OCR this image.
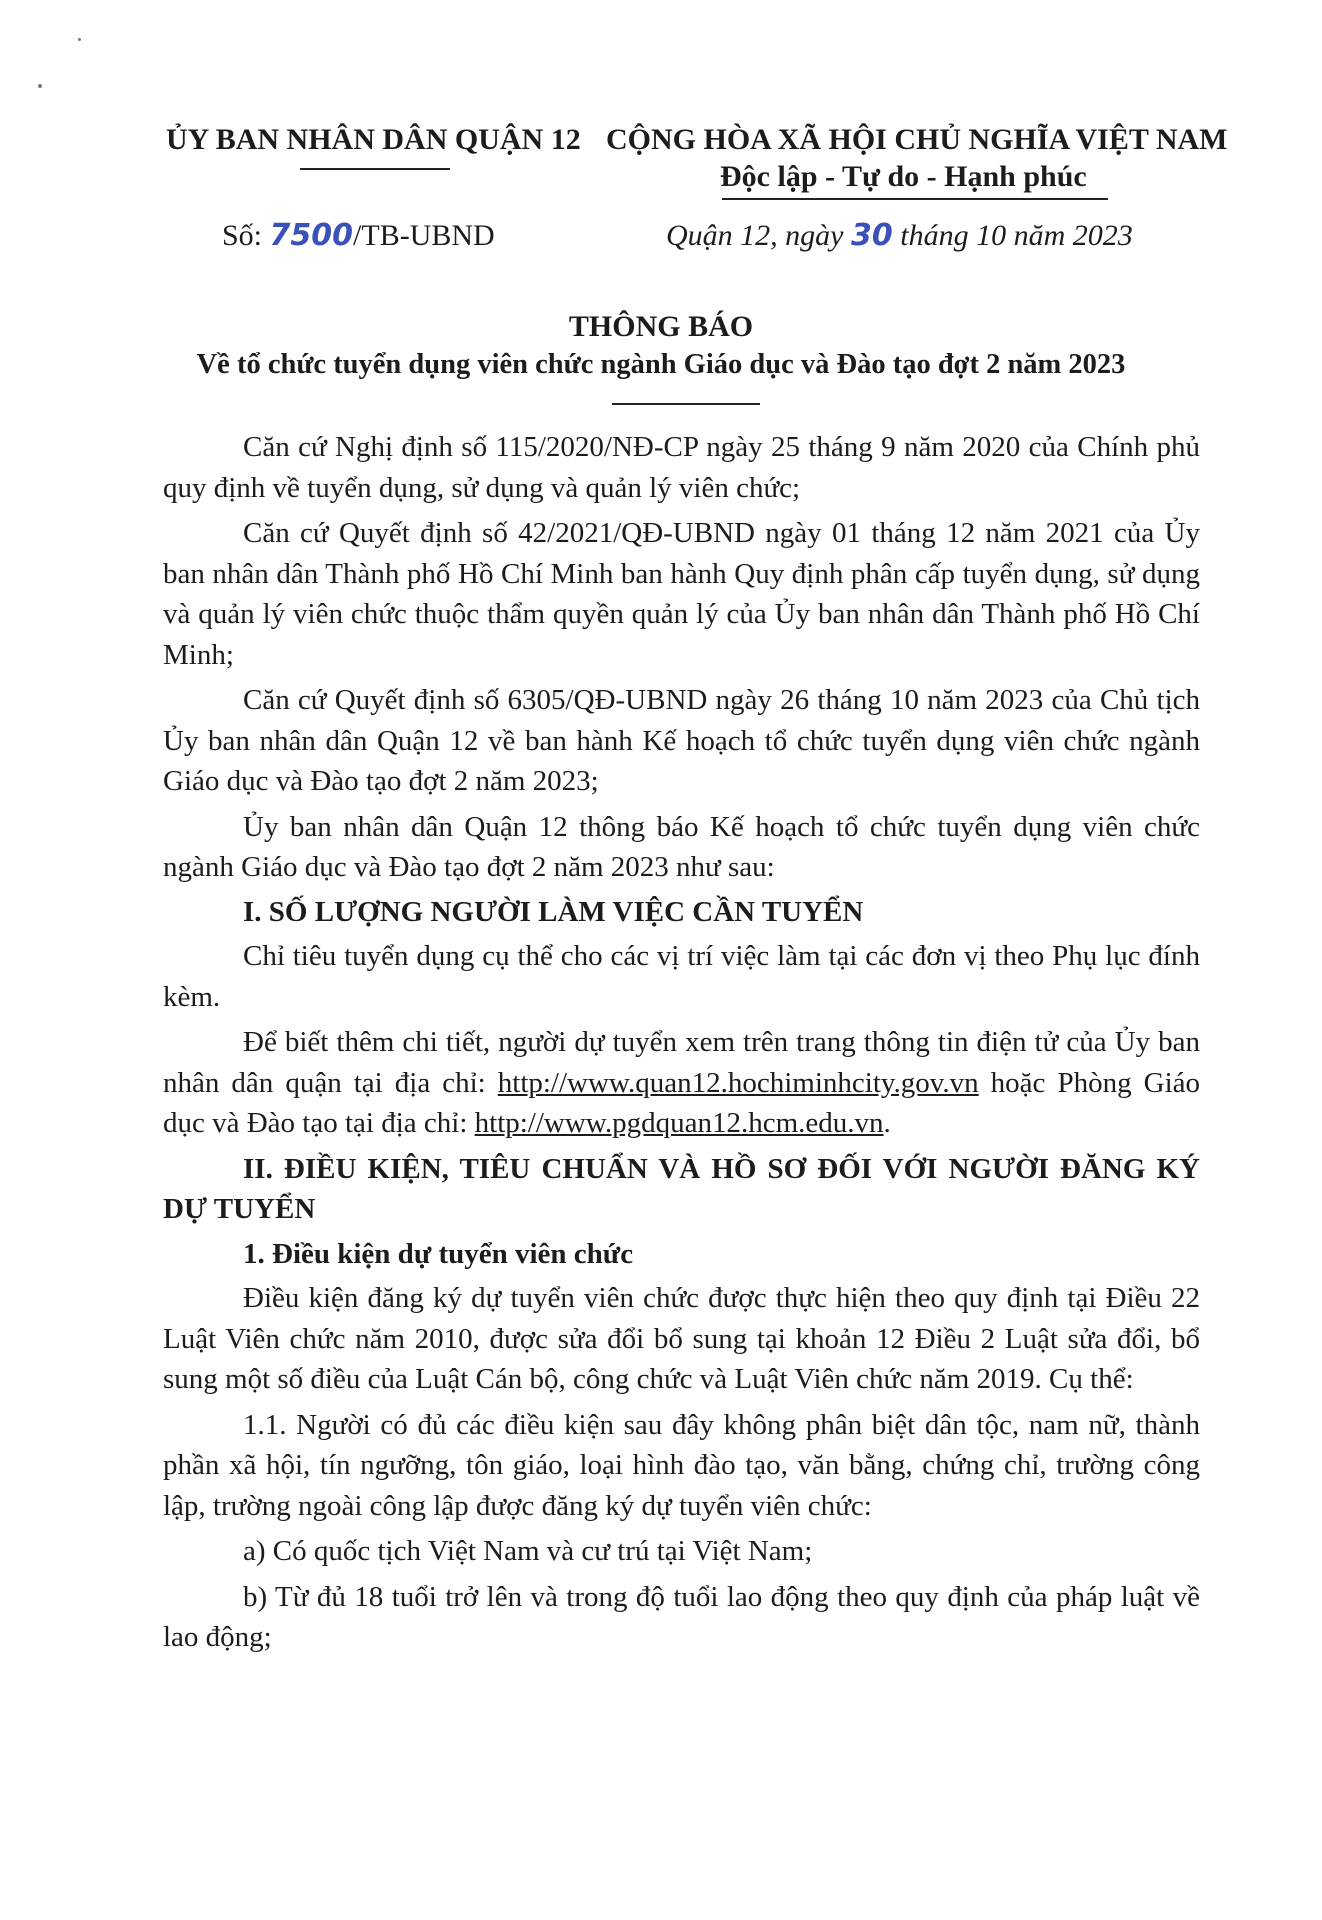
ỦY BAN NHÂN DÂN QUẬN 12 CỘNG HÒA XÃ HỘI CHỦ NGHĨA VIỆT NAM
Độc lập - Tự do - Hạnh phúc
Số: 7500/TB-UBND	Quận 12, ngày 30 tháng 10 năm 2023
THÔNG BÁO
Về tổ chức tuyển dụng viên chức ngành Giáo dục và Đào tạo đợt 2 năm 2023

Căn cứ Nghị định số 115/2020/NĐ-CP ngày 25 tháng 9 năm 2020 của Chính phủ quy định về tuyển dụng, sử dụng và quản lý viên chức;

Căn cứ Quyết định số 42/2021/QĐ-UBND ngày 01 tháng 12 năm 2021 của Ủy ban nhân dân Thành phố Hồ Chí Minh ban hành Quy định phân cấp tuyển dụng, sử dụng và quản lý viên chức thuộc thẩm quyền quản lý của Ủy ban nhân dân Thành phố Hồ Chí Minh;

Căn cứ Quyết định số 6305/QĐ-UBND ngày 26 tháng 10 năm 2023 của Chủ tịch Ủy ban nhân dân Quận 12 về ban hành Kế hoạch tổ chức tuyển dụng viên chức ngành Giáo dục và Đào tạo đợt 2 năm 2023;

Ủy ban nhân dân Quận 12 thông báo Kế hoạch tổ chức tuyển dụng viên chức ngành Giáo dục và Đào tạo đợt 2 năm 2023 như sau:

I. SỐ LƯỢNG NGƯỜI LÀM VIỆC CẦN TUYỂN

Chỉ tiêu tuyển dụng cụ thể cho các vị trí việc làm tại các đơn vị theo Phụ lục đính kèm.

Để biết thêm chi tiết, người dự tuyển xem trên trang thông tin điện tử của Ủy ban nhân dân quận tại địa chỉ: http://www.quan12.hochiminhcity.gov.vn hoặc Phòng Giáo dục và Đào tạo tại địa chỉ: http://www.pgdquan12.hcm.edu.vn.

II. ĐIỀU KIỆN, TIÊU CHUẨN VÀ HỒ SƠ ĐỐI VỚI NGƯỜI ĐĂNG KÝ DỰ TUYỂN
1. Điều kiện dự tuyển viên chức

Điều kiện đăng ký dự tuyển viên chức được thực hiện theo quy định tại Điều 22 Luật Viên chức năm 2010, được sửa đổi bổ sung tại khoản 12 Điều 2 Luật sửa đổi, bổ sung một số điều của Luật Cán bộ, công chức và Luật Viên chức năm 2019. Cụ thể:

1.1. Người có đủ các điều kiện sau đây không phân biệt dân tộc, nam nữ, thành phần xã hội, tín ngưỡng, tôn giáo, loại hình đào tạo, văn bằng, chứng chỉ, trường công lập, trường ngoài công lập được đăng ký dự tuyển viên chức:

a) Có quốc tịch Việt Nam và cư trú tại Việt Nam;

b) Từ đủ 18 tuổi trở lên và trong độ tuổi lao động theo quy định của pháp luật về lao động;
